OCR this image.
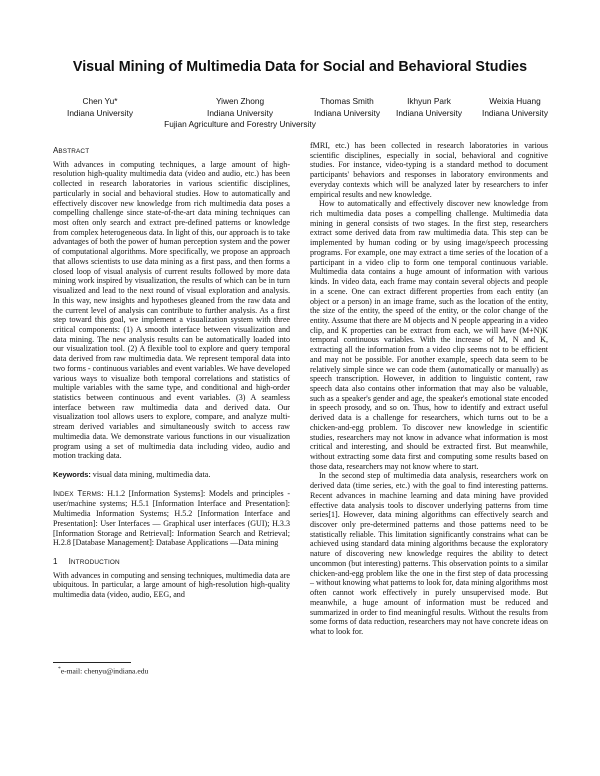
Visual Mining of Multimedia Data for Social and Behavioral Studies
Chen Yu*
Indiana University
Yiwen Zhong
Indiana University
Fujian Agriculture and Forestry University
Thomas Smith
Indiana University
Ikhyun Park
Indiana University
Weixia Huang
Indiana University
ABSTRACT

With advances in computing techniques, a large amount of high-resolution high-quality multimedia data (video and audio, etc.) has been collected in research laboratories in various scientific disciplines, particularly in social and behavioral studies. How to automatically and effectively discover new knowledge from rich multimedia data poses a compelling challenge since state-of-the-art data mining techniques can most often only search and extract pre-defined patterns or knowledge from complex heterogeneous data. In light of this, our approach is to take advantages of both the power of human perception system and the power of computational algorithms. More specifically, we propose an approach that allows scientists to use data mining as a first pass, and then forms a closed loop of visual analysis of current results followed by more data mining work inspired by visualization, the results of which can be in turn visualized and lead to the next round of visual exploration and analysis. In this way, new insights and hypotheses gleaned from the raw data and the current level of analysis can contribute to further analysis. As a first step toward this goal, we implement a visualization system with three critical components: (1) A smooth interface between visualization and data mining. The new analysis results can be automatically loaded into our visualization tool. (2) A flexible tool to explore and query temporal data derived from raw multimedia data. We represent temporal data into two forms - continuous variables and event variables. We have developed various ways to visualize both temporal correlations and statistics of multiple variables with the same type, and conditional and high-order statistics between continuous and event variables. (3) A seamless interface between raw multimedia data and derived data. Our visualization tool allows users to explore, compare, and analyze multi-stream derived variables and simultaneously switch to access raw multimedia data. We demonstrate various functions in our visualization program using a set of multimedia data including video, audio and motion tracking data.

Keywords: visual data mining, multimedia data.

INDEX TERMS: H.1.2 [Information Systems]: Models and principles - user/machine systems; H.5.1 [Information Interface and Presentation]: Multimedia Information Systems; H.5.2 [Information Interface and Presentation]: User Interfaces — Graphical user interfaces (GUI); H.3.3 [Information Storage and Retrieval]: Information Search and Retrieval; H.2.8 [Database Management]: Database Applications —Data mining

1 INTRODUCTION

With advances in computing and sensing techniques, multimedia data are ubiquitous. In particular, a large amount of high-resolution high-quality multimedia data (video, audio, EEG, and

*e-mail: chenyu@indiana.edu

fMRI, etc.) has been collected in research laboratories in various scientific disciplines, especially in social, behavioral and cognitive studies. For instance, video-typing is a standard method to document participants' behaviors and responses in laboratory environments and everyday contexts which will be analyzed later by researchers to infer empirical results and new knowledge.

How to automatically and effectively discover new knowledge from rich multimedia data poses a compelling challenge. Multimedia data mining in general consists of two stages. In the first step, researchers extract some derived data from raw multimedia data. This step can be implemented by human coding or by using image/speech processing programs. For example, one may extract a time series of the location of a participant in a video clip to form one temporal continuous variable. Multimedia data contains a huge amount of information with various kinds. In video data, each frame may contain several objects and people in a scene. One can extract different properties from each entity (an object or a person) in an image frame, such as the location of the entity, the size of the entity, the speed of the entity, or the color change of the entity. Assume that there are M objects and N people appearing in a video clip, and K properties can be extract from each, we will have (M+N)K temporal continuous variables. With the increase of M, N and K, extracting all the information from a video clip seems not to be efficient and may not be possible. For another example, speech data seem to be relatively simple since we can code them (automatically or manually) as speech transcription. However, in addition to linguistic content, raw speech data also contains other information that may also be valuable, such as a speaker's gender and age, the speaker's emotional state encoded in speech prosody, and so on. Thus, how to identify and extract useful derived data is a challenge for researchers, which turns out to be a chicken-and-egg problem. To discover new knowledge in scientific studies, researchers may not know in advance what information is most critical and interesting, and should be extracted first. But meanwhile, without extracting some data first and computing some results based on those data, researchers may not know where to start.

In the second step of multimedia data analysis, researchers work on derived data (time series, etc.) with the goal to find interesting patterns. Recent advances in machine learning and data mining have provided effective data analysis tools to discover underlying patterns from time series[1]. However, data mining algorithms can effectively search and discover only pre-determined patterns and those patterns need to be statistically reliable. This limitation significantly constrains what can be achieved using standard data mining algorithms because the exploratory nature of discovering new knowledge requires the ability to detect uncommon (but interesting) patterns. This observation points to a similar chicken-and-egg problem like the one in the first step of data processing – without knowing what patterns to look for, data mining algorithms most often cannot work effectively in purely unsupervised mode. But meanwhile, a huge amount of information must be reduced and summarized in order to find meaningful results. Without the results from some forms of data reduction, researchers may not have concrete ideas on what to look for.
